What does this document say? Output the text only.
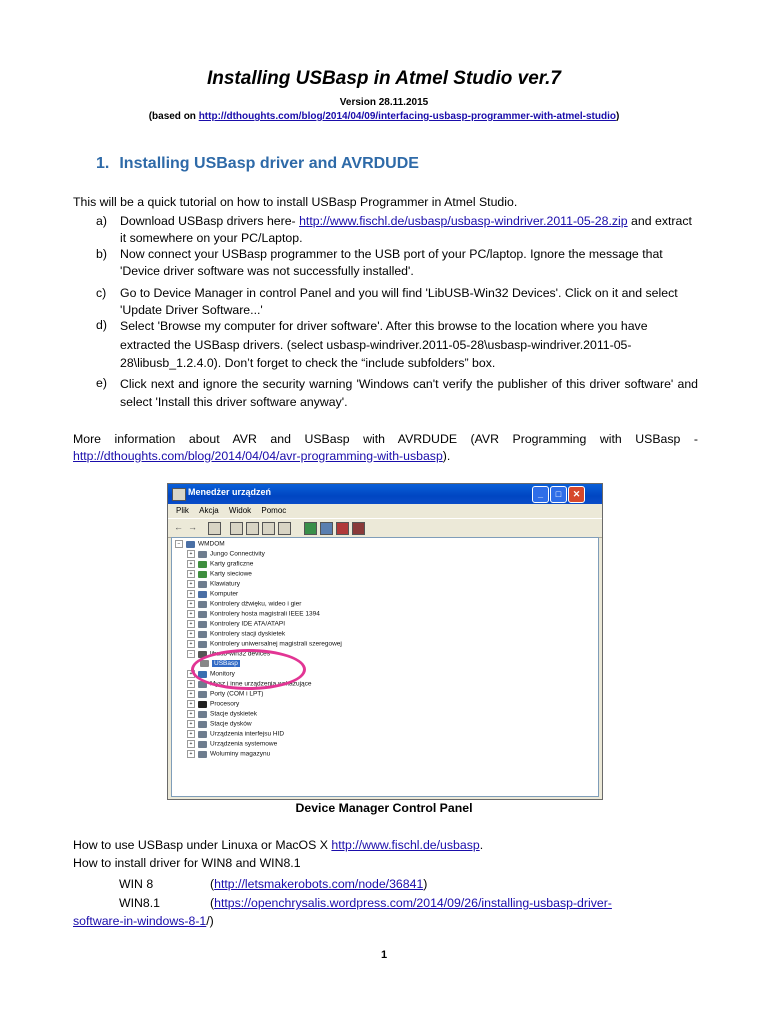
Installing USBasp in Atmel Studio ver.7
Version 28.11.2015
(based on http://dthoughts.com/blog/2014/04/09/interfacing-usbasp-programmer-with-atmel-studio)
1. Installing USBasp driver and AVRDUDE
This will be a quick tutorial on how to install USBasp Programmer in Atmel Studio.
a)	Download USBasp drivers here- http://www.fischl.de/usbasp/usbasp-windriver.2011-05-28.zip and extract it somewhere on your PC/Laptop.
b)	Now connect your USBasp programmer to the USB port of your PC/laptop. Ignore the message that 'Device driver software was not successfully installed'.
c)	Go to Device Manager in control Panel and you will find 'LibUSB-Win32 Devices'. Click on it and select 'Update Driver Software...'
d)	Select 'Browse my computer for driver software'. After this browse to the location where you have extracted the USBasp drivers. (select usbasp-windriver.2011-05-28\usbasp-windriver.2011-05-28\libusb_1.2.4.0). Don’t forget to check the “include subfolders” box.
e)	Click next and ignore the security warning 'Windows can't verify the publisher of this driver software' and select 'Install this driver software anyway'.
More information about AVR and USBasp with AVRDUDE (AVR Programming with USBasp - http://dthoughts.com/blog/2014/04/04/avr-programming-with-usbasp).
Menedżer urządzeń	_	□	✕
Plik Akcja Widok Pomoc
← →
−	WMDOM
+	Jungo Connectivity
+	Karty graficzne
+	Karty sieciowe
+	Klawiatury
+	Komputer
+	Kontrolery dźwięku, wideo i gier
+	Kontrolery hosta magistrali IEEE 1394
+	Kontrolery IDE ATA/ATAPI
+	Kontrolery stacji dyskietek
+	Kontrolery uniwersalnej magistrali szeregowej
−	libusb-win32 devices
USBasp
+	Monitory
+	Mysz i inne urządzenia wskazujące
+	Porty (COM i LPT)
+	Procesory
+	Stacje dyskietek
+	Stacje dysków
+	Urządzenia interfejsu HID
+	Urządzenia systemowe
+	Woluminy magazynu
Device Manager Control Panel
How to use USBasp under Linuxa or MacOS X http://www.fischl.de/usbasp.
How to install driver for WIN8 and WIN8.1
WIN 8	(http://letsmakerobots.com/node/36841)
WIN8.1	(https://openchrysalis.wordpress.com/2014/09/26/installing-usbasp-driver-
software-in-windows-8-1/)
1
